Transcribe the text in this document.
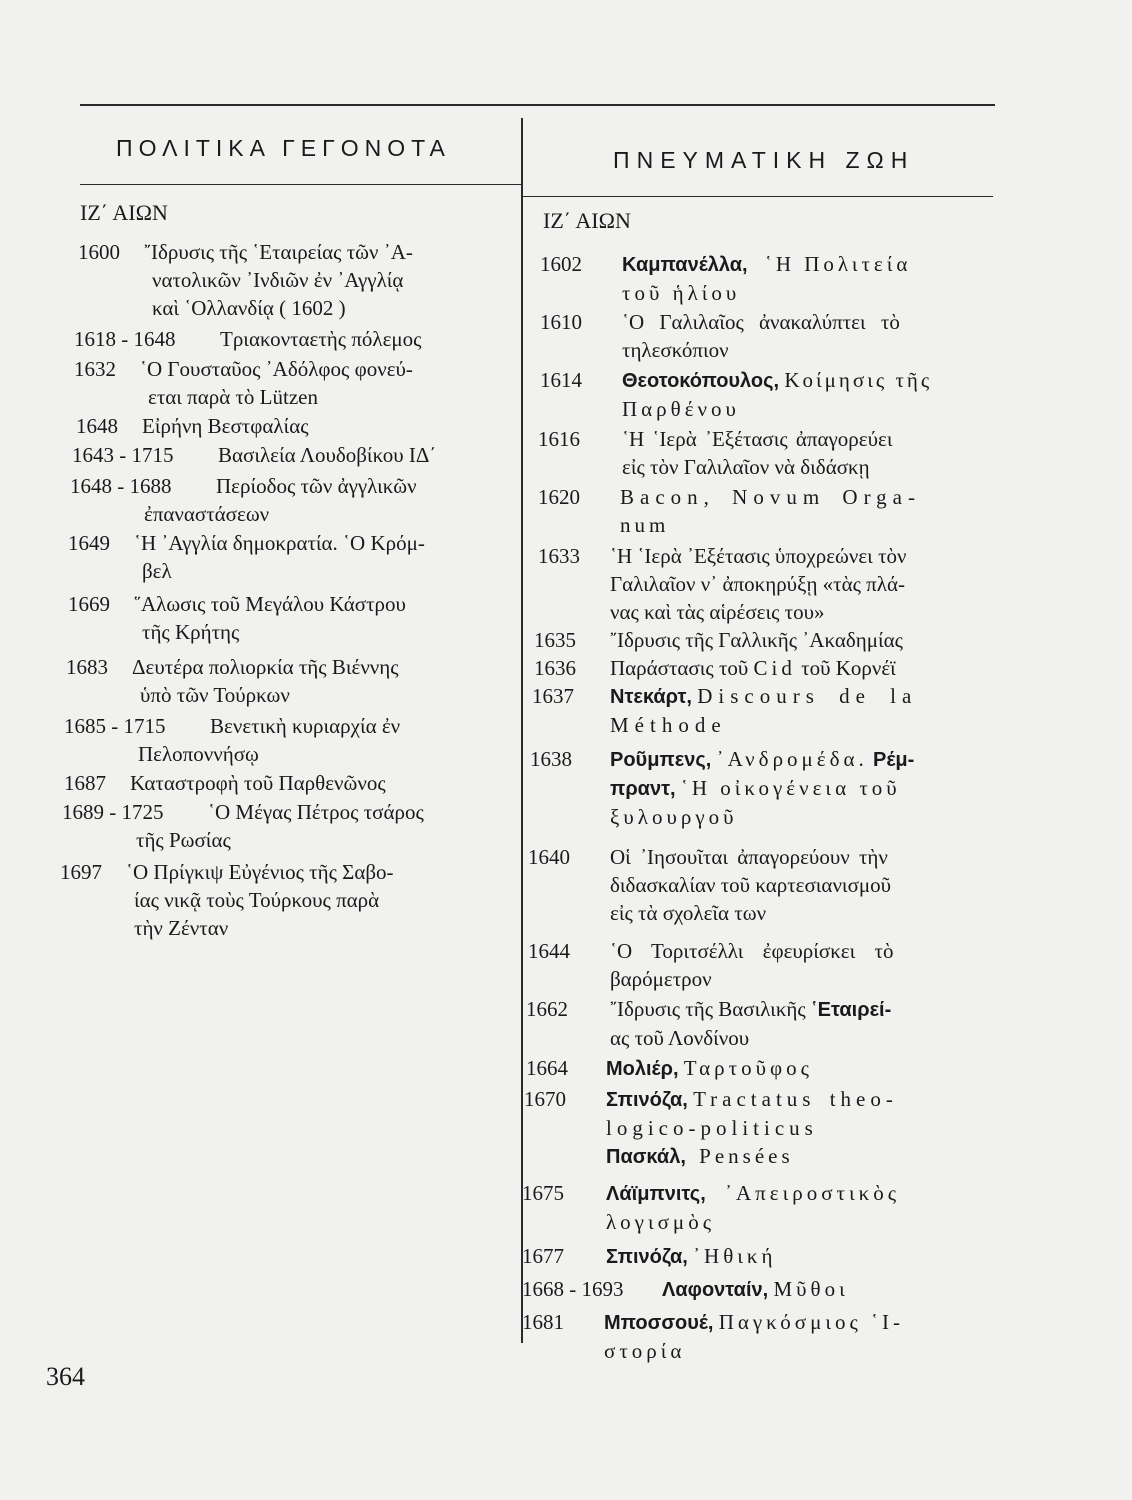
ΠΟΛΙΤΙΚΑ ΓΕΓΟΝΟΤΑ	ΠΝΕΥΜΑΤΙΚΗ ΖΩΗ
ΙΖ΄ ΑΙΩΝ
1600 ῎Ιδρυσις τῆς ῾Εταιρείας τῶν ᾿Α-
νατολικῶν ᾿Ινδιῶν ἐν ᾿Αγγλίᾳ
καὶ ῾Ολλανδίᾳ ( 1602 )
1618 - 1648 Τριακονταετὴς πόλεμος
1632 ῾Ο Γουσταῦος ᾿Αδόλφος φονεύ-
εται παρὰ τὸ Lützen
1648 Εἰρήνη Βεστφαλίας
1643 - 1715 Βασιλεία Λουδοβίκου ΙΔ΄
1648 - 1688 Περίοδος τῶν ἀγγλικῶν
ἐπαναστάσεων
1649 ῾Η ᾿Αγγλία δημοκρατία. ῾Ο Κρόμ-
βελ
1669 ῞Αλωσις τοῦ Μεγάλου Κάστρου
τῆς Κρήτης
1683 Δευτέρα πολιορκία τῆς Βιέννης
ὑπὸ τῶν Τούρκων
1685 - 1715 Βενετικὴ κυριαρχία ἐν
Πελοποννήσῳ
1687 Καταστροφὴ τοῦ Παρθενῶνος
1689 - 1725 ῾Ο Μέγας Πέτρος τσάρος
τῆς Ρωσίας
1697 ῾Ο Πρίγκιψ Εὐγένιος τῆς Σαβο-
ίας νικᾷ τοὺς Τούρκους παρὰ
τὴν Ζένταν
ΙΖ΄ ΑΙΩΝ
1602 Καμπανέλλα, ῾Η Πολιτεία
τοῦ ἡλίου
1610 ῾Ο Γαλιλαῖος ἀνακαλύπτει τὸ
τηλεσκόπιον
1614 Θεοτοκόπουλος, Κοίμησις τῆς
Παρθένου
1616 ῾Η ῾Ιερὰ ᾿Εξέτασις ἀπαγορεύει
εἰς τὸν Γαλιλαῖον νὰ διδάσκῃ
1620 Bacon, Novum Orga-
num
1633 ῾Η ῾Ιερὰ ᾿Εξέτασις ὑποχρεώνει τὸν
Γαλιλαῖον ν᾿ ἀποκηρύξῃ «τὰς πλά-
νας καὶ τὰς αἱρέσεις του»
1635 ῎Ιδρυσις τῆς Γαλλικῆς ᾿Ακαδημίας
1636 Παράστασις τοῦ Cid τοῦ Κορνέϊ
1637 Ντεκάρτ, Discours de la
Méthode
1638 Ροῦμπενς, ᾿Ανδρομέδα. Ρέμ-
πραντ, ῾Η οἰκογένεια τοῦ
ξυλουργοῦ
1640 Οἱ ᾿Ιησουῖται ἀπαγορεύουν τὴν
διδασκαλίαν τοῦ καρτεσιανισμοῦ
εἰς τὰ σχολεῖα των
1644 ῾Ο Τοριτσέλλι ἐφευρίσκει τὸ
βαρόμετρον
1662 ῎Ιδρυσις τῆς Βασιλικῆς ῾Εταιρεί-
ας τοῦ Λονδίνου
1664 Μολιέρ, Ταρτοῦφος
1670 Σπινόζα, Tractatus theo-
logico-politicus
Πασκάλ, Pensées
1675 Λάϊμπνιτς, ᾿Απειροστικὸς
λογισμὸς
1677 Σπινόζα, ᾿Ηθική
1668 - 1693 Λαφονταίν, Μῦθοι
1681 Μποσσουέ, Παγκόσμιος ῾Ι-
στορία
364
